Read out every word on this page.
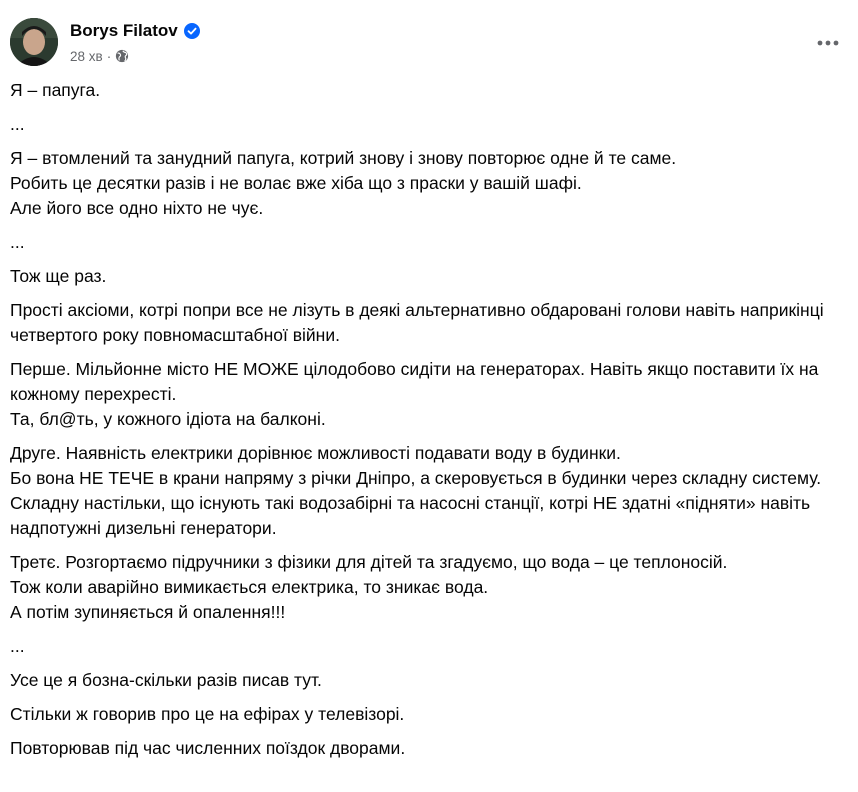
Borys Filatov
28 хв ·

Я – папуга.

...

Я – втомлений та занудний папуга, котрий знову і знову повторює одне й те саме.
Робить це десятки разів і не волає вже хіба що з праски у вашій шафі.
Але його все одно ніхто не чує.

...

Тож ще раз.

Прості аксіоми, котрі попри все не лізуть в деякі альтернативно обдаровані голови навіть наприкінці четвертого року повномасштабної війни.

Перше. Мільйонне місто НЕ МОЖЕ цілодобово сидіти на генераторах. Навіть якщо поставити їх на кожному перехресті.
Та, бл@ть, у кожного ідіота на балконі.

Друге. Наявність електрики дорівнює можливості подавати воду в будинки.
Бо вона НЕ ТЕЧЕ в крани напряму з річки Дніпро, а скеровується в будинки через складну систему.
Складну настільки, що існують такі водозабірні та насосні станції, котрі НЕ здатні «підняти» навіть надпотужні дизельні генератори.

Третє. Розгортаємо підручники з фізики для дітей та згадуємо, що вода – це теплоносій.
Тож коли аварійно вимикається електрика, то зникає вода.
А потім зупиняється й опалення!!!

...

Усе це я бозна-скільки разів писав тут.

Стільки ж говорив про це на ефірах у телевізорі.

Повторював під час численних поїздок дворами.
